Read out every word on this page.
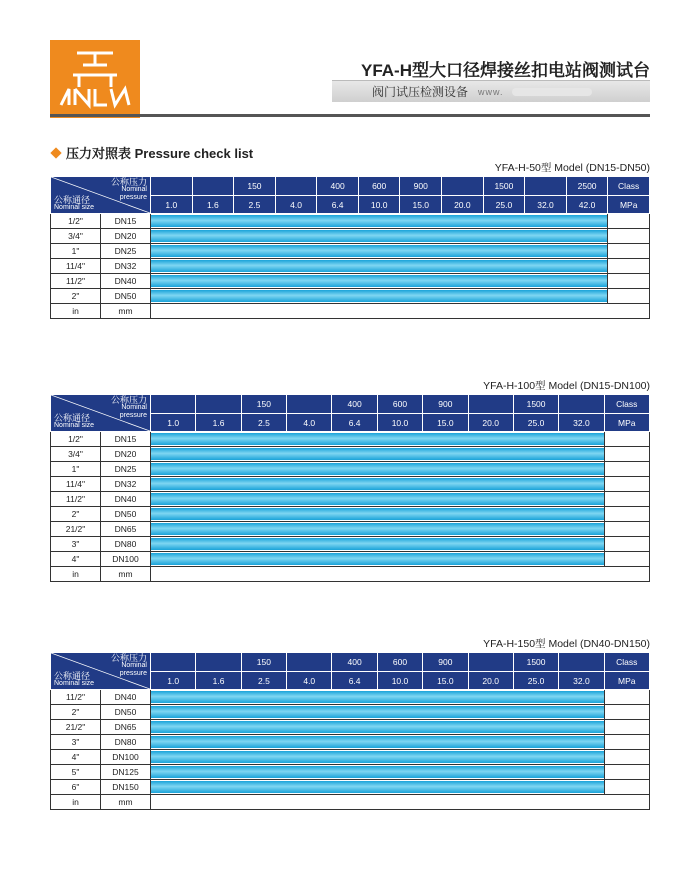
YFA-H型大口径焊接丝扣电站阀测试台
阀门试压检测设备 www.
压力对照表 Pressure check list
YFA-H-50型 Model (DN15-DN50)
公称压力
Nominal
pressure
公称通径
Nominal size				150		400	600	900		1500		2500	Class
		1.0	1.6	2.5	4.0	6.4	10.0	15.0	20.0	25.0	32.0	42.0	MPa
1/2"	DN15											

3/4"	DN20											

1"	DN25											

11/4"	DN32											

11/2"	DN40											

2"	DN50											

in	mm												
YFA-H-100型 Model (DN15-DN100)
公称压力
Nominal
pressure
公称通径
Nominal size				150		400	600	900		1500		Class
		1.0	1.6	2.5	4.0	6.4	10.0	15.0	20.0	25.0	32.0	MPa
1/2"	DN15										

3/4"	DN20										

1"	DN25										

11/4"	DN32										

11/2"	DN40										

2"	DN50										

21/2"	DN65										

3"	DN80										

4"	DN100										

in	mm											
YFA-H-150型 Model (DN40-DN150)
公称压力
Nominal
pressure
公称通径
Nominal size				150		400	600	900		1500		Class
		1.0	1.6	2.5	4.0	6.4	10.0	15.0	20.0	25.0	32.0	MPa
11/2"	DN40										

2"	DN50										

21/2"	DN65										

3"	DN80										

4"	DN100										

5"	DN125										

6"	DN150										

in	mm											
